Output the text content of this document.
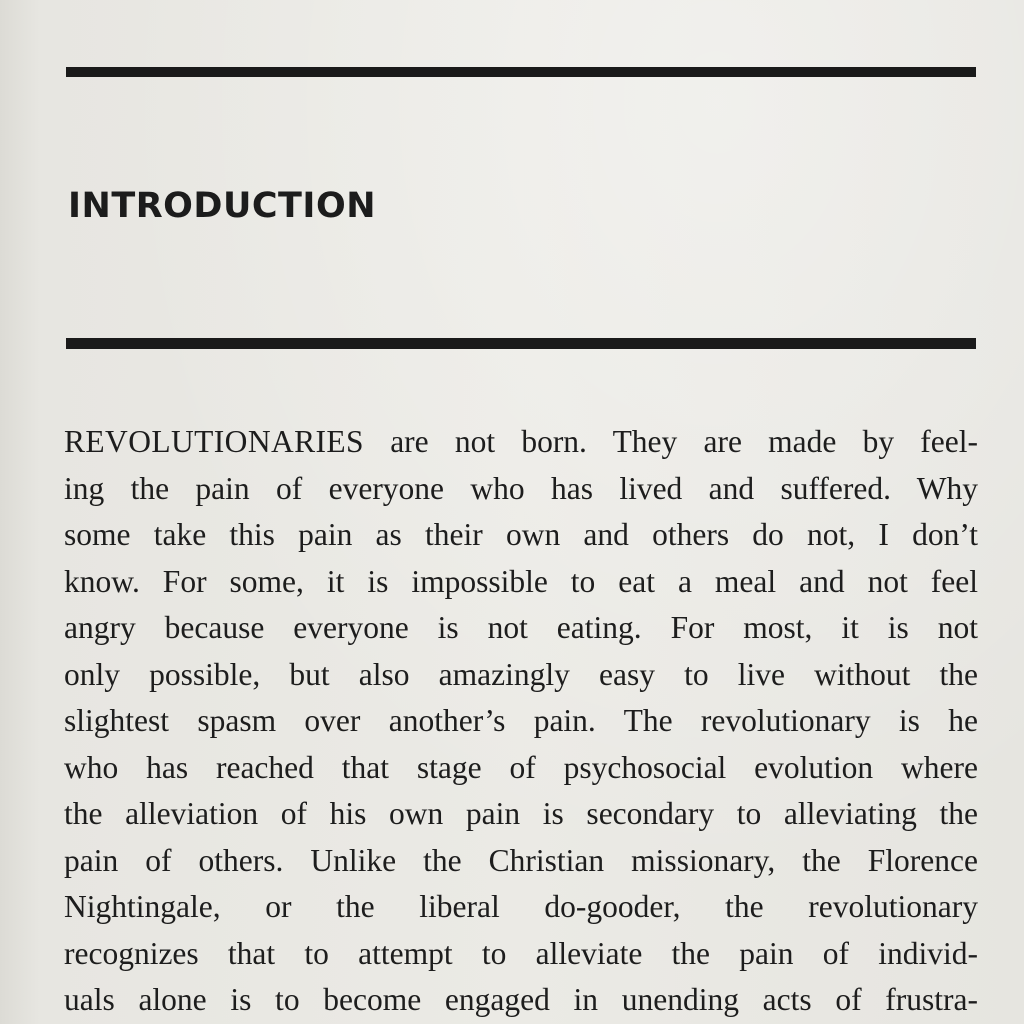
INTRODUCTION
REVOLUTIONARIES are not born. They are made by feel-
ing the pain of everyone who has lived and suffered. Why
some take this pain as their own and others do not, I don’t
know. For some, it is impossible to eat a meal and not feel
angry because everyone is not eating. For most, it is not
only possible, but also amazingly easy to live without the
slightest spasm over another’s pain. The revolutionary is he
who has reached that stage of psychosocial evolution where
the alleviation of his own pain is secondary to alleviating the
pain of others. Unlike the Christian missionary, the Florence
Nightingale, or the liberal do-gooder, the revolutionary
recognizes that to attempt to alleviate the pain of individ-
uals alone is to become engaged in unending acts of frustra-
